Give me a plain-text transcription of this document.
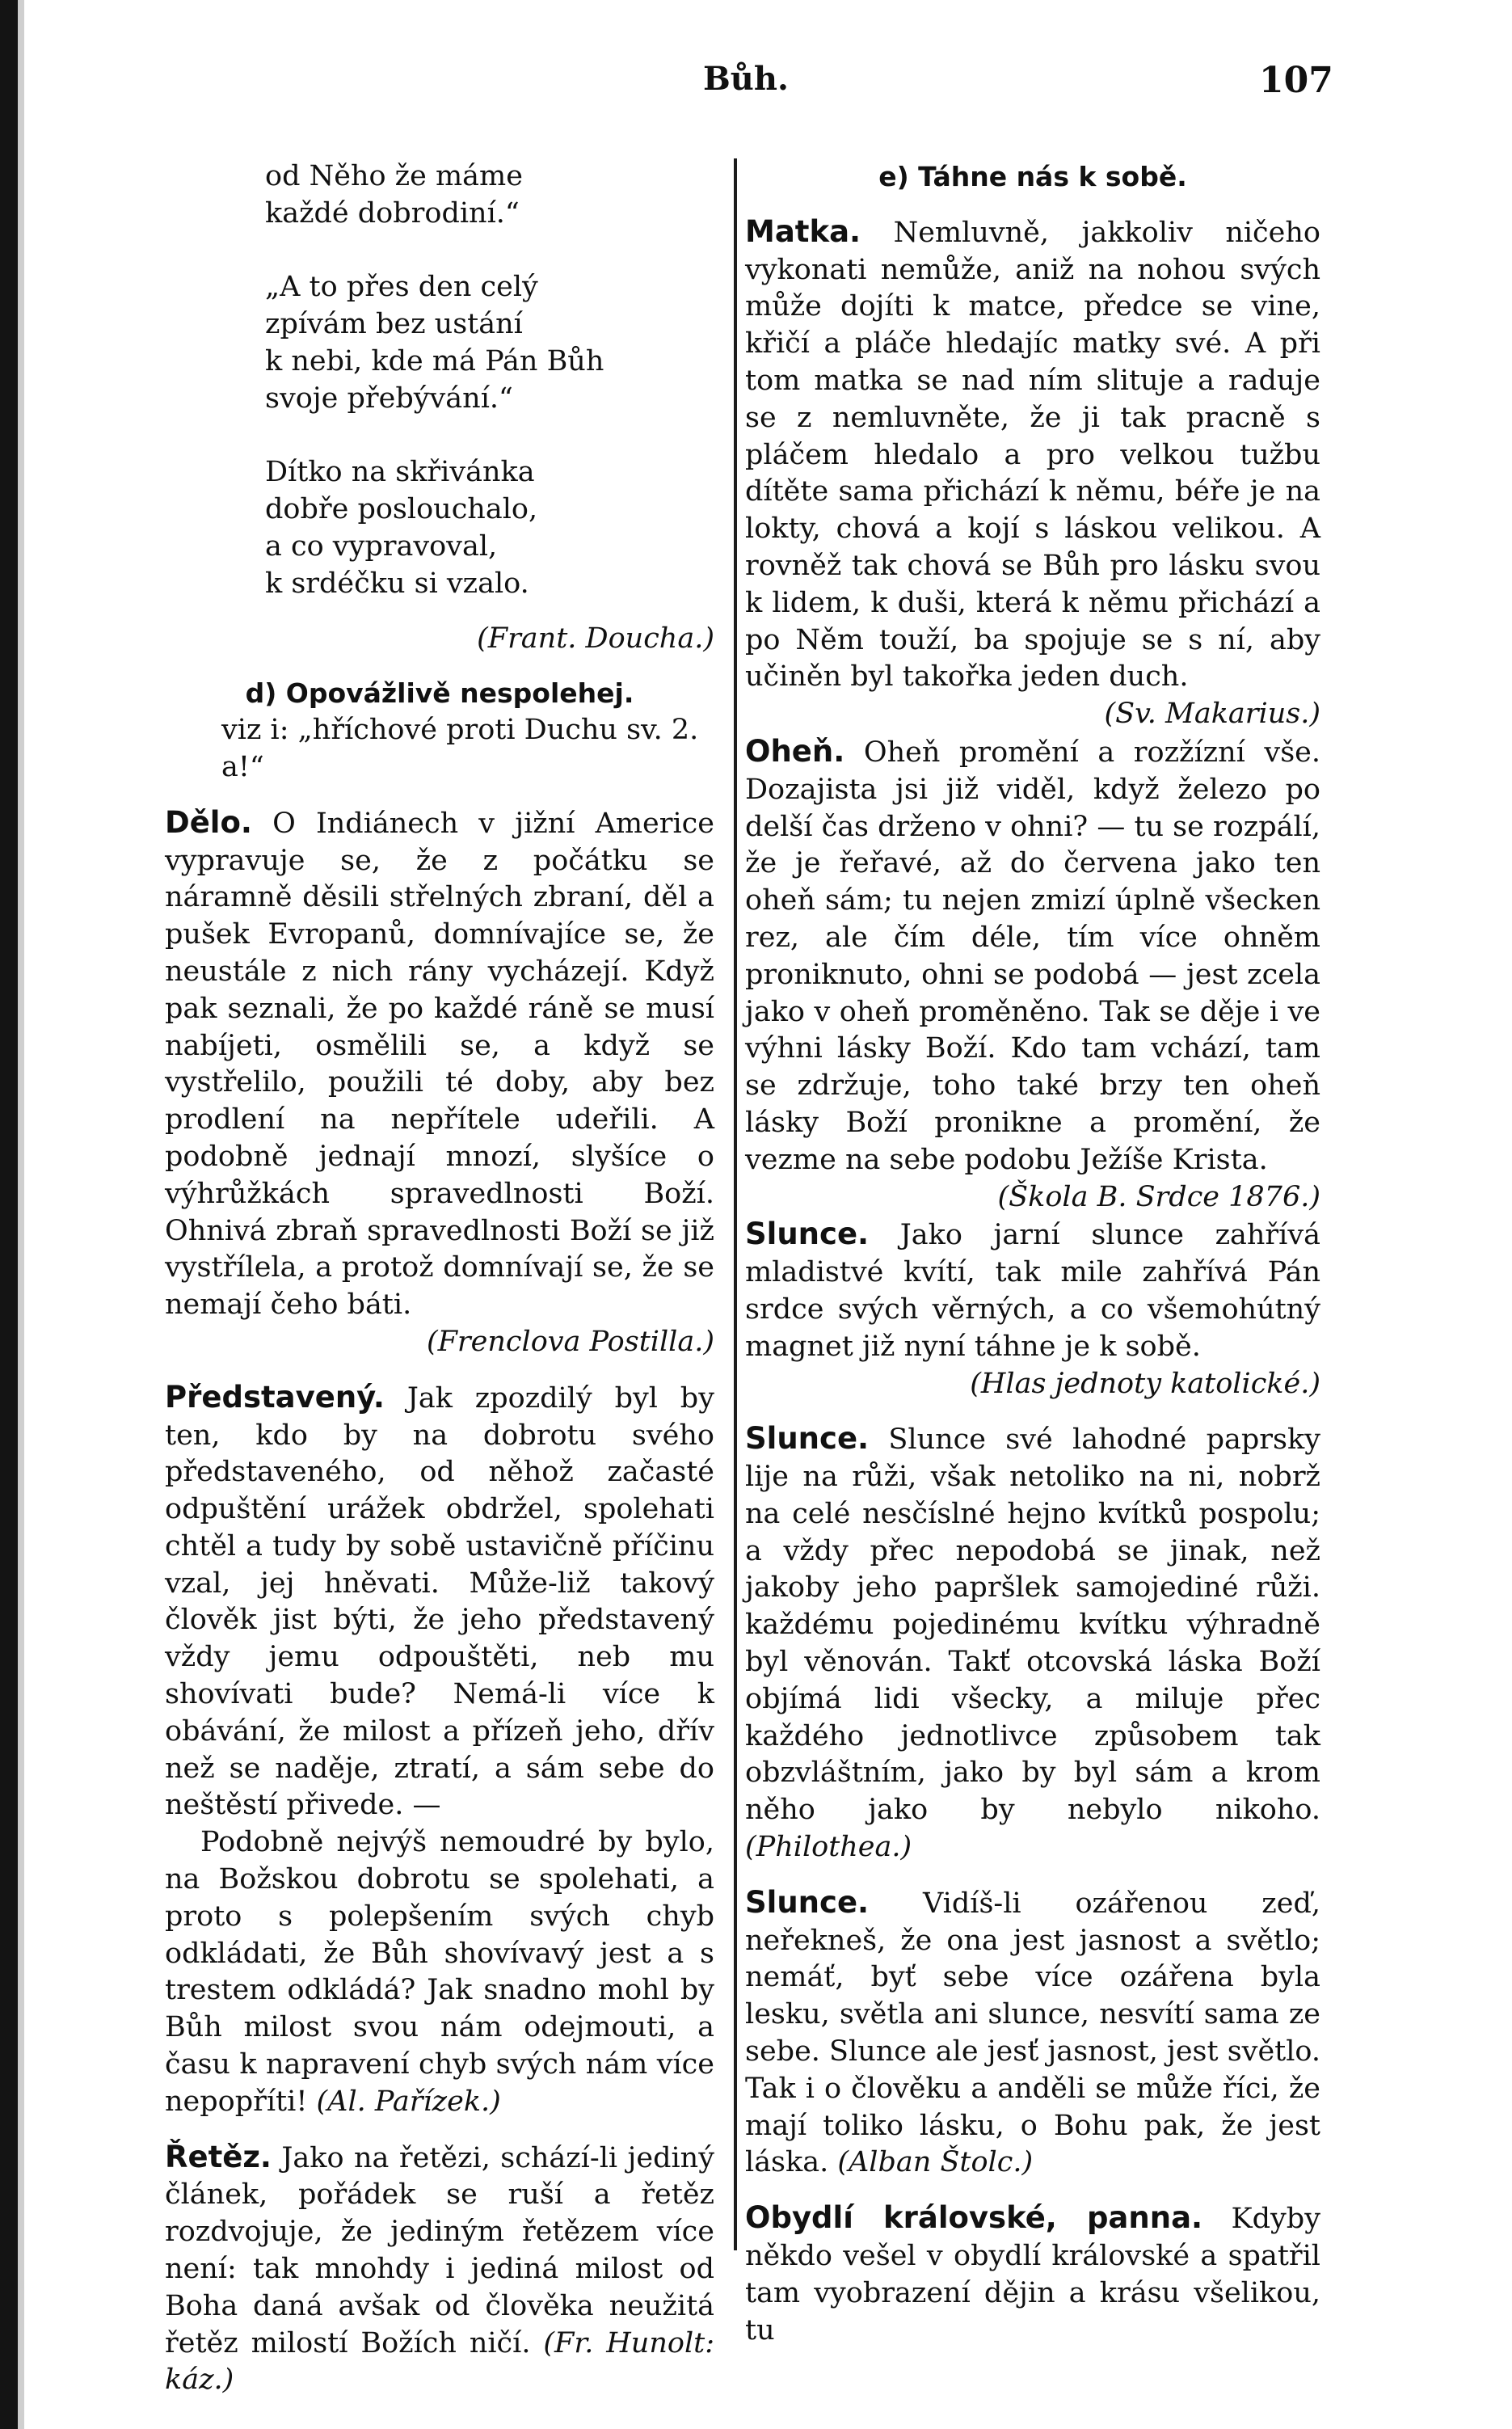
Bůh.	107
od Něho že máme
každé dobrodiní.“
„A to přes den celý
zpívám bez ustání
k nebi, kde má Pán Bůh
svoje přebývání.“
Dítko na skřivánka
dobře poslouchalo,
a co vypravoval,
k srdéčku si vzalo.

(Frant. Doucha.)

d) Opovážlivě nespolehej.

viz i: „hříchové proti Duchu sv. 2. a!“

Dělo. O Indiánech v jižní Americe vypravuje se, že z počátku se náramně děsili střelných zbraní, děl a pušek Evropanů, domnívajíce se, že neustále z nich rány vycházejí. Když pak seznali, že po každé ráně se musí nabíjeti, osmělili se, a když se vystřelilo, použili té doby, aby bez prodlení na nepřítele udeřili. A podobně jednají mnozí, slyšíce o výhrůžkách spravedlnosti Boží. Ohnivá zbraň spravedlnosti Boží se již vystřílela, a protož domnívají se, že se nemají čeho báti.

(Frenclova Postilla.)

Představený. Jak zpozdilý byl by ten, kdo by na dobrotu svého představeného, od něhož začasté odpuštění urážek obdržel, spolehati chtěl a tudy by sobě ustavičně příčinu vzal, jej hněvati. Může-liž takový člověk jist býti, že jeho představený vždy jemu odpouštěti, neb mu shovívati bude? Nemá-li více k obávání, že milost a přízeň jeho, dřív než se naděje, ztratí, a sám sebe do neštěstí přivede. —

Podobně nejvýš nemoudré by bylo, na Božskou dobrotu se spolehati, a proto s polepšením svých chyb odkládati, že Bůh shovívavý jest a s trestem odkládá? Jak snadno mohl by Bůh milost svou nám odejmouti, a času k napravení chyb svých nám více nepopříti! (Al. Pařízek.)

Řetěz. Jako na řetězi, schází-li jediný článek, pořádek se ruší a řetěz rozdvojuje, že jediným řetězem více není: tak mnohdy i jediná milost od Boha daná avšak od člověka neužitá řetěz milostí Božích ničí. (Fr. Hunolt: káz.)

e) Táhne nás k sobě.

Matka. Nemluvně, jakkoliv ničeho vykonati nemůže, aniž na nohou svých může dojíti k matce, předce se vine, křičí a pláče hledajíc matky své. A při tom matka se nad ním slituje a raduje se z nemluvněte, že ji tak pracně s pláčem hledalo a pro velkou tužbu dítěte sama přichází k němu, béře je na lokty, chová a kojí s láskou velikou. A rovněž tak chová se Bůh pro lásku svou k lidem, k duši, která k němu přichází a po Něm touží, ba spojuje se s ní, aby učiněn byl takořka jeden duch.

(Sv. Makarius.)

Oheň. Oheň promění a rozžízní vše. Dozajista jsi již viděl, když železo po delší čas drženo v ohni? — tu se rozpálí, že je řeřavé, až do červena jako ten oheň sám; tu nejen zmizí úplně všecken rez, ale čím déle, tím více ohněm proniknuto, ohni se podobá — jest zcela jako v oheň proměněno. Tak se děje i ve výhni lásky Boží. Kdo tam vchází, tam se zdržuje, toho také brzy ten oheň lásky Boží pronikne a promění, že vezme na sebe podobu Ježíše Krista.

(Škola B. Srdce 1876.)

Slunce. Jako jarní slunce zahřívá mladistvé kvítí, tak mile zahřívá Pán srdce svých věrných, a co všemohútný magnet již nyní táhne je k sobě.

(Hlas jednoty katolické.)

Slunce. Slunce své lahodné paprsky lije na růži, však netoliko na ni, nobrž na celé nesčíslné hejno kvítků pospolu; a vždy přec nepodobá se jinak, než jakoby jeho papršlek samojediné růži. každému pojedinému kvítku výhradně byl věnován. Takť otcovská láska Boží objímá lidi všecky, a miluje přec každého jednotlivce způsobem tak obzvláštním, jako by byl sám a krom něho jako by nebylo nikoho. (Philothea.)

Slunce. Vidíš-li ozářenou zeď, neřekneš, že ona jest jasnost a světlo; nemáť, byť sebe více ozářena byla lesku, světla ani slunce, nesvítí sama ze sebe. Slunce ale jesť jasnost, jest světlo. Tak i o člověku a anděli se může říci, že mají toliko lásku, o Bohu pak, že jest láska. (Alban Štolc.)

Obydlí královské, panna. Kdyby někdo vešel v obydlí královské a spatřil tam vyobrazení dějin a krásu všelikou, tu
